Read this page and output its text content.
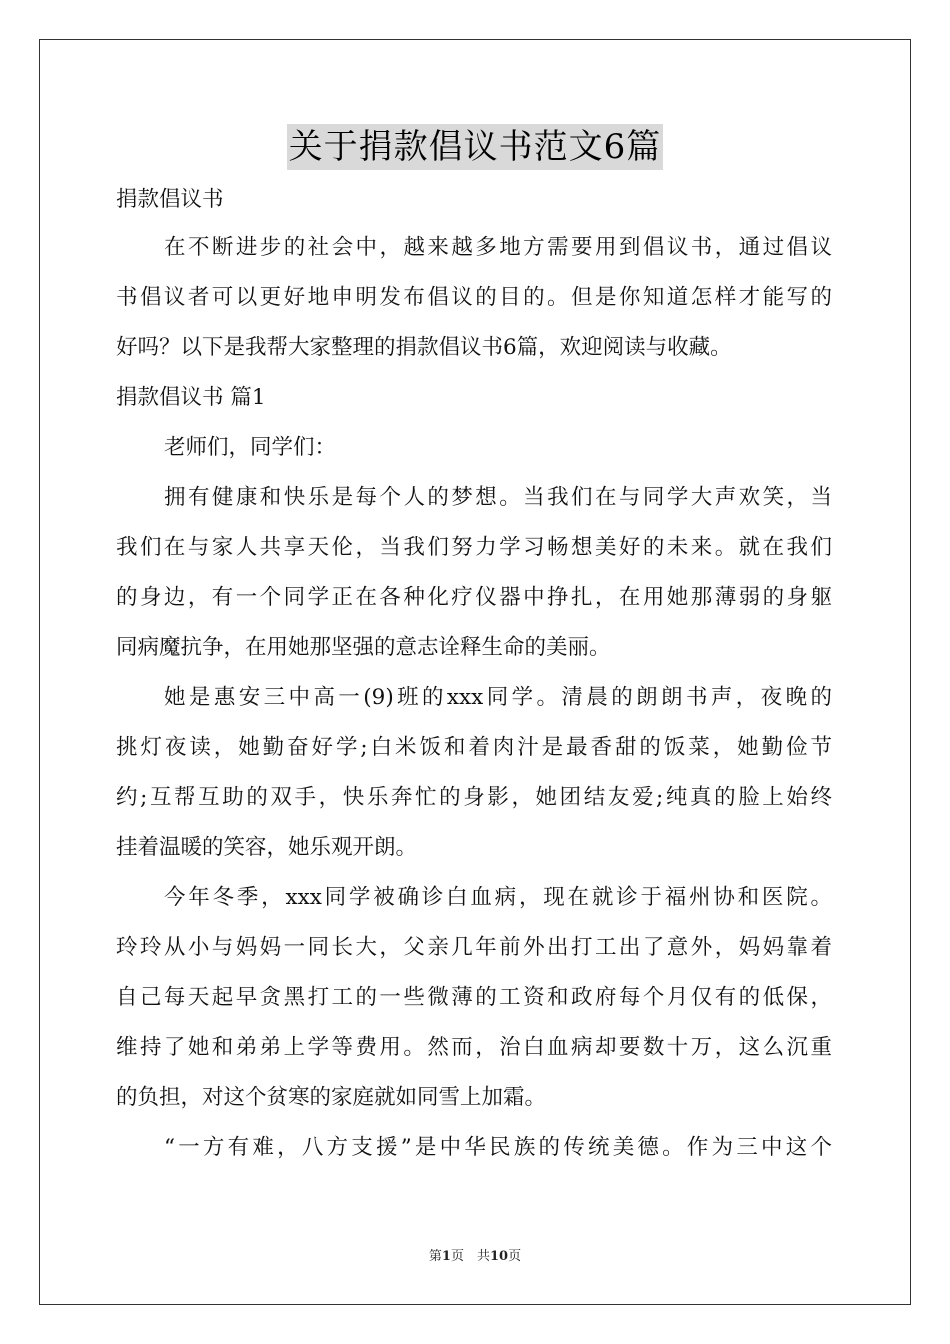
关于捐款倡议书范文6篇
捐款倡议书
在不断进步的社会中，越来越多地方需要用到倡议书，通过倡议
书倡议者可以更好地申明发布倡议的目的。但是你知道怎样才能写的
好吗？以下是我帮大家整理的捐款倡议书6篇，欢迎阅读与收藏。
捐款倡议书 篇1
老师们，同学们：
拥有健康和快乐是每个人的梦想。当我们在与同学大声欢笑，当
我们在与家人共享天伦，当我们努力学习畅想美好的未来。就在我们
的身边，有一个同学正在各种化疗仪器中挣扎，在用她那薄弱的身躯
同病魔抗争，在用她那坚强的意志诠释生命的美丽。
她是惠安三中高一(9)班的xxx同学。清晨的朗朗书声，夜晚的
挑灯夜读，她勤奋好学;白米饭和着肉汁是最香甜的饭菜，她勤俭节
约;互帮互助的双手，快乐奔忙的身影，她团结友爱;纯真的脸上始终
挂着温暖的笑容，她乐观开朗。
今年冬季，xxx同学被确诊白血病，现在就诊于福州协和医院。
玲玲从小与妈妈一同长大，父亲几年前外出打工出了意外，妈妈靠着
自己每天起早贪黑打工的一些微薄的工资和政府每个月仅有的低保，
维持了她和弟弟上学等费用。然而，治白血病却要数十万，这么沉重
的负担，对这个贫寒的家庭就如同雪上加霜。
“一方有难，八方支援”是中华民族的传统美德。作为三中这个
第1页　共10页
